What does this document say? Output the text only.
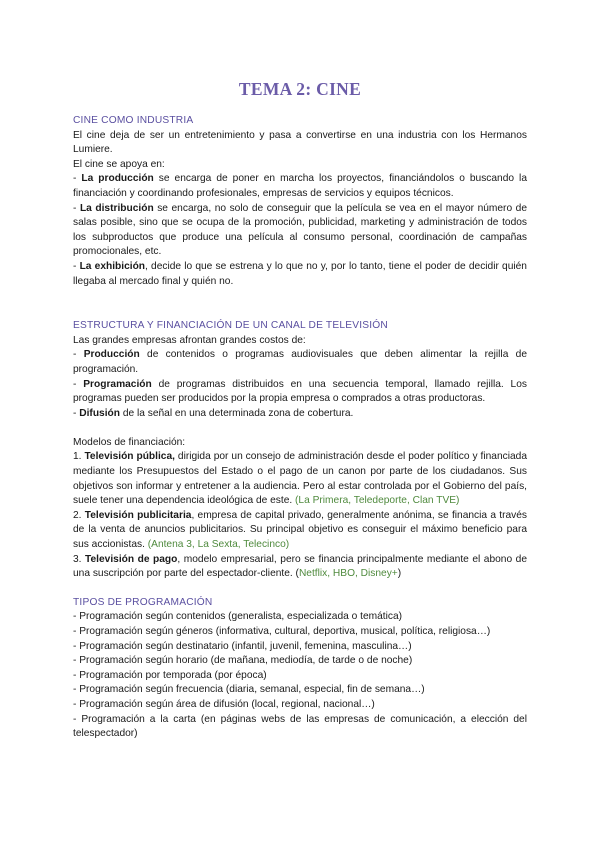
TEMA 2: CINE
CINE COMO INDUSTRIA

El cine deja de ser un entretenimiento y pasa a convertirse en una industria con los Hermanos Lumiere.

El cine se apoya en:

- La producción se encarga de poner en marcha los proyectos, financiándolos o buscando la financiación y coordinando profesionales, empresas de servicios y equipos técnicos.

- La distribución se encarga, no solo de conseguir que la película se vea en el mayor número de salas posible, sino que se ocupa de la promoción, publicidad, marketing y administración de todos los subproductos que produce una película al consumo personal, coordinación de campañas promocionales, etc.

- La exhibición, decide lo que se estrena y lo que no y, por lo tanto, tiene el poder de decidir quién llegaba al mercado final y quién no.

ESTRUCTURA Y FINANCIACIÓN DE UN CANAL DE TELEVISIÓN

Las grandes empresas afrontan grandes costos de:

- Producción de contenidos o programas audiovisuales que deben alimentar la rejilla de programación.

- Programación de programas distribuidos en una secuencia temporal, llamado rejilla. Los programas pueden ser producidos por la propia empresa o comprados a otras productoras.

- Difusión de la señal en una determinada zona de cobertura.

Modelos de financiación:

1. Televisión pública, dirigida por un consejo de administración desde el poder político y financiada mediante los Presupuestos del Estado o el pago de un canon por parte de los ciudadanos. Sus objetivos son informar y entretener a la audiencia. Pero al estar controlada por el Gobierno del país, suele tener una dependencia ideológica de este. (La Primera, Teledeporte, Clan TVE)

2. Televisión publicitaria, empresa de capital privado, generalmente anónima, se financia a través de la venta de anuncios publicitarios. Su principal objetivo es conseguir el máximo beneficio para sus accionistas. (Antena 3, La Sexta, Telecinco)

3. Televisión de pago, modelo empresarial, pero se financia principalmente mediante el abono de una suscripción por parte del espectador-cliente. (Netflix, HBO, Disney+)

TIPOS DE PROGRAMACIÓN

- Programación según contenidos (generalista, especializada o temática)

- Programación según géneros (informativa, cultural, deportiva, musical, política, religiosa…)

- Programación según destinatario (infantil, juvenil, femenina, masculina…)

- Programación según horario (de mañana, mediodía, de tarde o de noche)

- Programación por temporada (por época)

- Programación según frecuencia (diaria, semanal, especial, fin de semana…)

- Programación según área de difusión (local, regional, nacional…)

- Programación a la carta (en páginas webs de las empresas de comunicación, a elección del telespectador)
